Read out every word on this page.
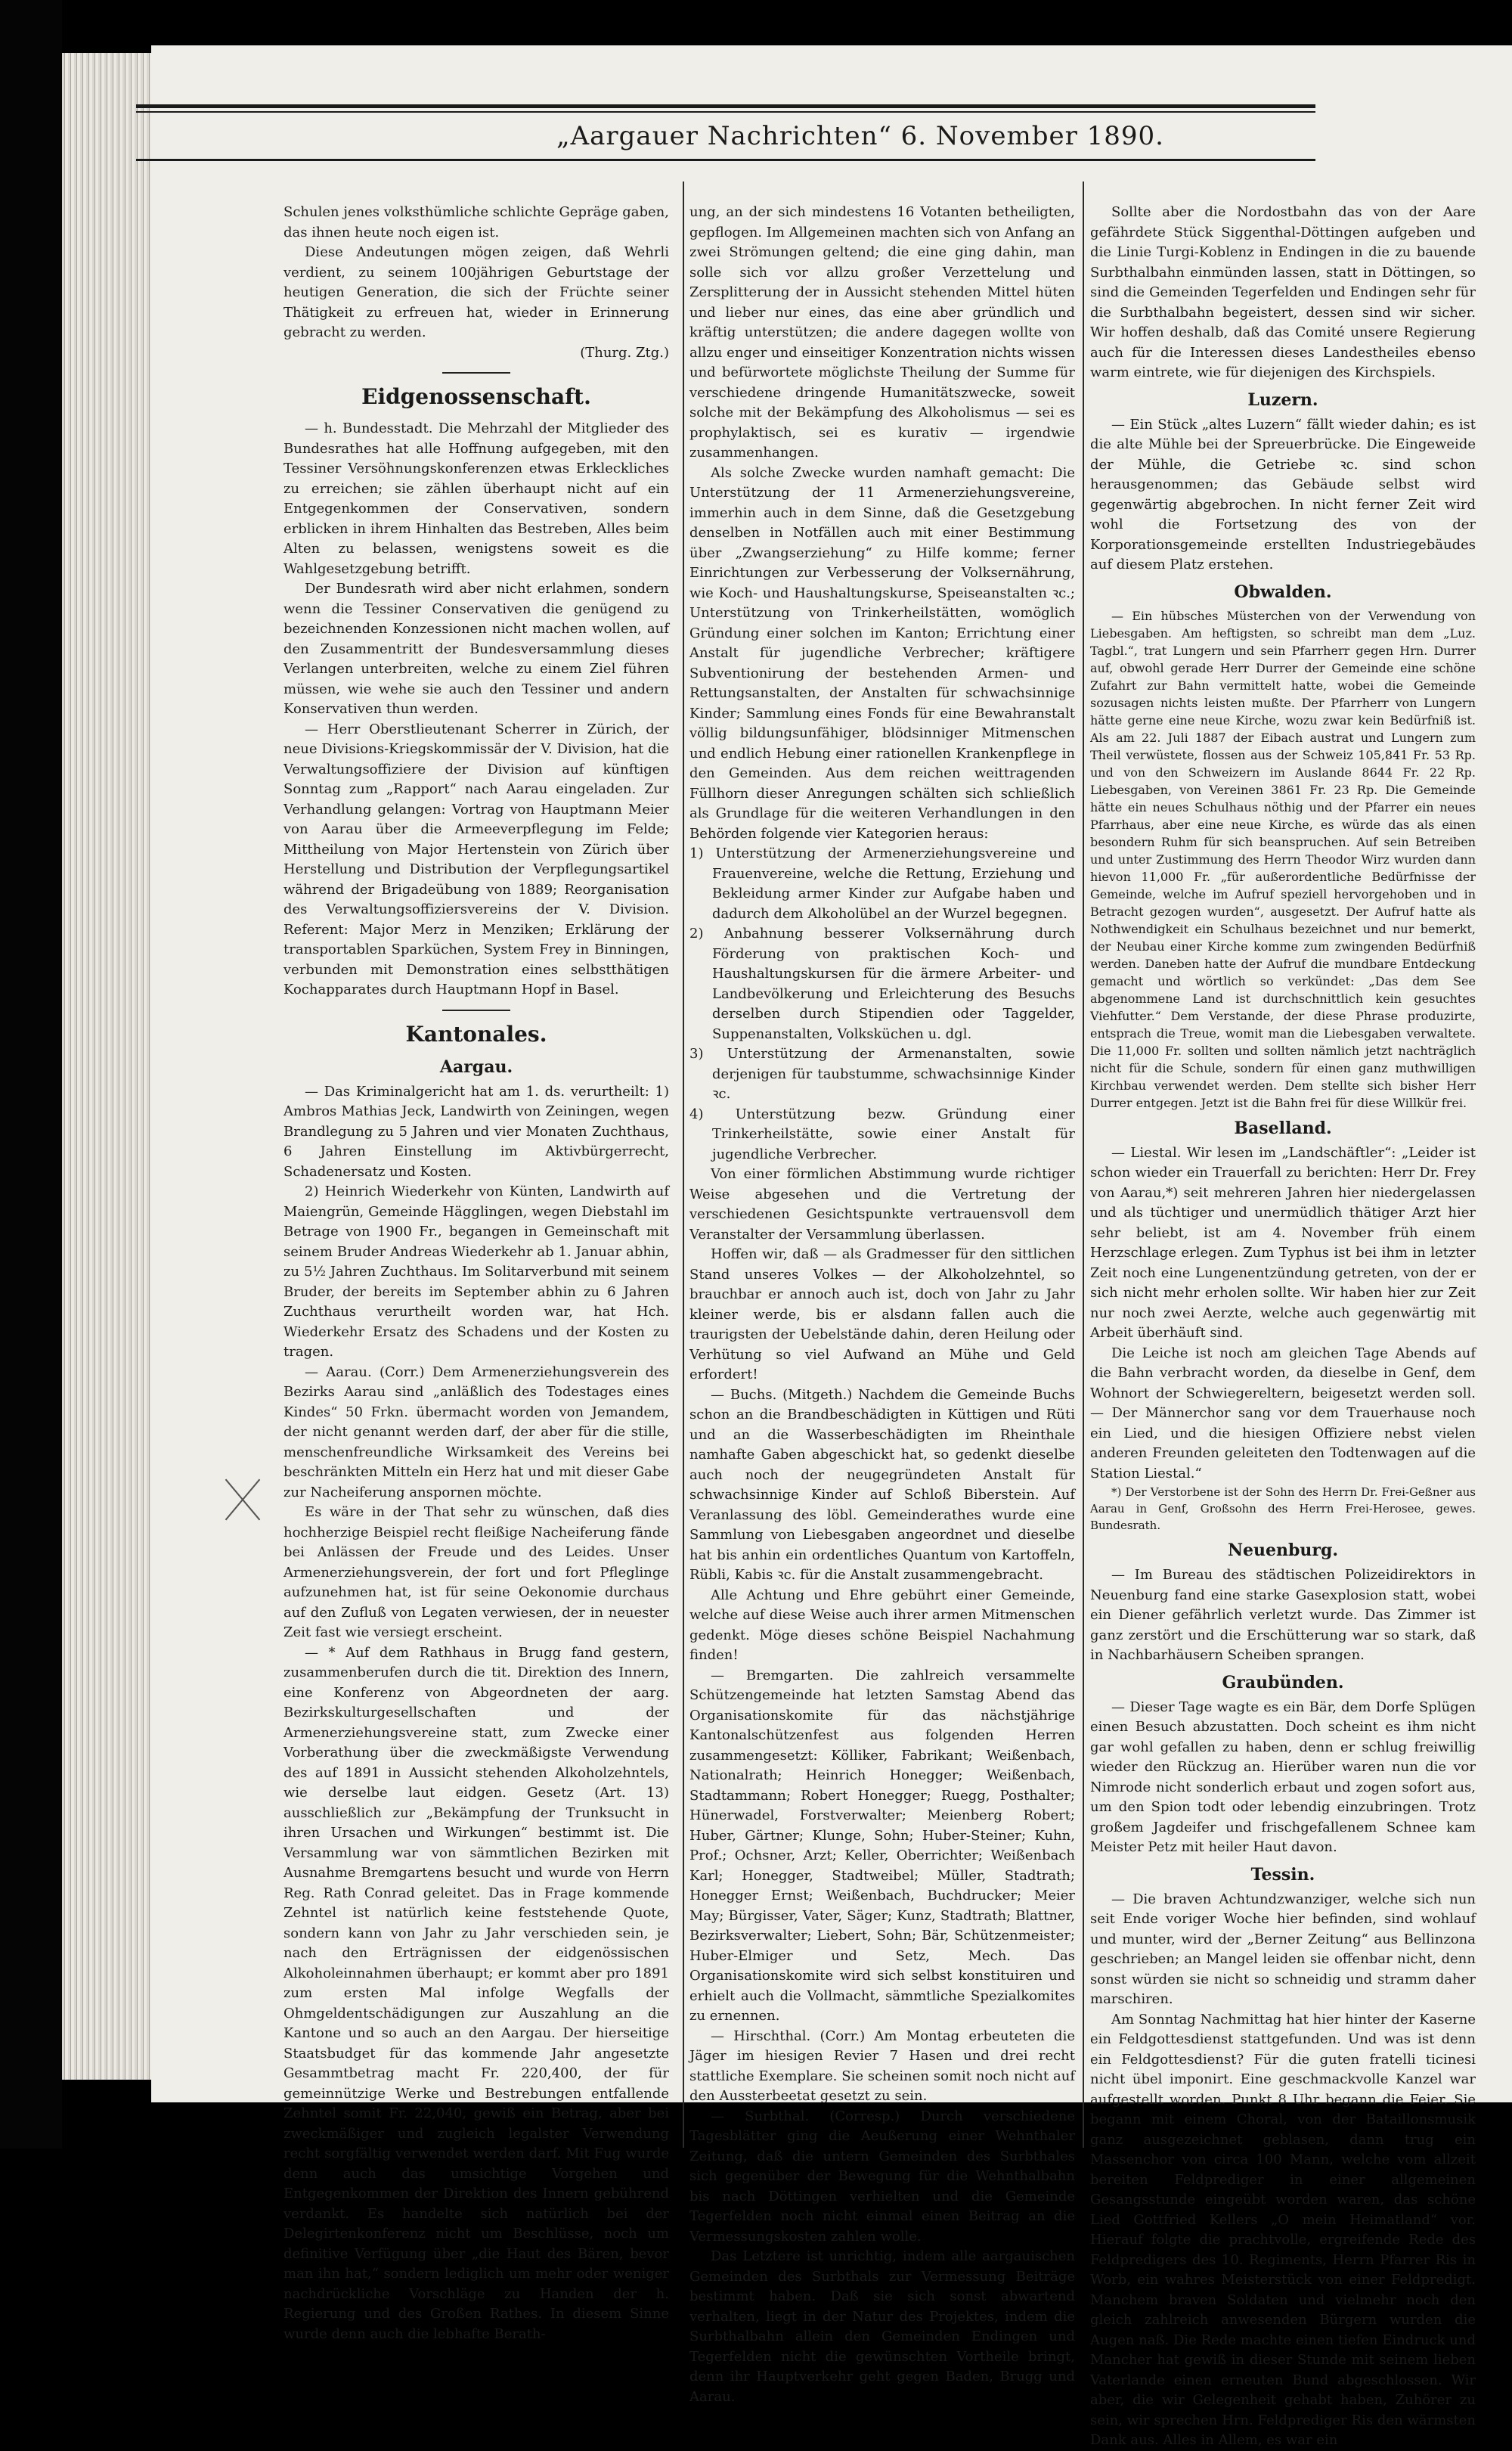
„Aargauer Nachrichten“ 6. November 1890.

Schulen jenes volksthümliche schlichte Gepräge gaben, das ihnen heute noch eigen ist.

Diese Andeutungen mögen zeigen, daß Wehrli verdient, zu seinem 100jährigen Geburtstage der heutigen Generation, die sich der Früchte seiner Thätigkeit zu erfreuen hat, wieder in Erinnerung gebracht zu werden.

(Thurg. Ztg.)

Eidgenossenschaft.

— h. Bundesstadt. Die Mehrzahl der Mitglieder des Bundesrathes hat alle Hoffnung aufgegeben, mit den Tessiner Versöhnungskonferenzen etwas Erkleckliches zu erreichen; sie zählen überhaupt nicht auf ein Entgegenkommen der Conservativen, sondern erblicken in ihrem Hinhalten das Bestreben, Alles beim Alten zu belassen, wenigstens soweit es die Wahlgesetzgebung betrifft.

Der Bundesrath wird aber nicht erlahmen, sondern wenn die Tessiner Conservativen die genügend zu bezeichnenden Konzessionen nicht machen wollen, auf den Zusammentritt der Bundesversammlung dieses Verlangen unterbreiten, welche zu einem Ziel führen müssen, wie wehe sie auch den Tessiner und andern Konservativen thun werden.

— Herr Oberstlieutenant Scherrer in Zürich, der neue Divisions-Kriegskommissär der V. Division, hat die Verwaltungsoffiziere der Division auf künftigen Sonntag zum „Rapport“ nach Aarau eingeladen. Zur Verhandlung gelangen: Vortrag von Hauptmann Meier von Aarau über die Armeeverpflegung im Felde; Mittheilung von Major Hertenstein von Zürich über Herstellung und Distribution der Verpflegungsartikel während der Brigadeübung von 1889; Reorganisation des Verwaltungsoffiziersvereins der V. Division. Referent: Major Merz in Menziken; Erklärung der transportablen Sparküchen, System Frey in Binningen, verbunden mit Demonstration eines selbstthätigen Kochapparates durch Hauptmann Hopf in Basel.

Kantonales.
Aargau.

— Das Kriminalgericht hat am 1. ds. verurtheilt: 1) Ambros Mathias Jeck, Landwirth von Zeiningen, wegen Brandlegung zu 5 Jahren und vier Monaten Zuchthaus, 6 Jahren Einstellung im Aktivbürgerrecht, Schadenersatz und Kosten.

2) Heinrich Wiederkehr von Künten, Landwirth auf Maiengrün, Gemeinde Hägglingen, wegen Diebstahl im Betrage von 1900 Fr., begangen in Gemeinschaft mit seinem Bruder Andreas Wiederkehr ab 1. Januar abhin, zu 5½ Jahren Zuchthaus. Im Solitarverbund mit seinem Bruder, der bereits im September abhin zu 6 Jahren Zuchthaus verurtheilt worden war, hat Hch. Wiederkehr Ersatz des Schadens und der Kosten zu tragen.

— Aarau. (Corr.) Dem Armenerziehungsverein des Bezirks Aarau sind „anläßlich des Todestages eines Kindes“ 50 Frkn. übermacht worden von Jemandem, der nicht genannt werden darf, der aber für die stille, menschenfreundliche Wirksamkeit des Vereins bei beschränkten Mitteln ein Herz hat und mit dieser Gabe zur Nacheiferung anspornen möchte.

Es wäre in der That sehr zu wünschen, daß dies hochherzige Beispiel recht fleißige Nacheiferung fände bei Anlässen der Freude und des Leides. Unser Armenerziehungsverein, der fort und fort Pfleglinge aufzunehmen hat, ist für seine Oekonomie durchaus auf den Zufluß von Legaten verwiesen, der in neuester Zeit fast wie versiegt erscheint.

— * Auf dem Rathhaus in Brugg fand gestern, zusammenberufen durch die tit. Direktion des Innern, eine Konferenz von Abgeordneten der aarg. Bezirkskulturgesellschaften und der Armenerziehungsvereine statt, zum Zwecke einer Vorberathung über die zweckmäßigste Verwendung des auf 1891 in Aussicht stehenden Alkoholzehntels, wie derselbe laut eidgen. Gesetz (Art. 13) ausschließlich zur „Bekämpfung der Trunksucht in ihren Ursachen und Wirkungen“ bestimmt ist. Die Versammlung war von sämmtlichen Bezirken mit Ausnahme Bremgartens besucht und wurde von Herrn Reg. Rath Conrad geleitet. Das in Frage kommende Zehntel ist natürlich keine feststehende Quote, sondern kann von Jahr zu Jahr verschieden sein, je nach den Erträgnissen der eidgenössischen Alkoholeinnahmen überhaupt; er kommt aber pro 1891 zum ersten Mal infolge Wegfalls der Ohmgeldentschädigungen zur Auszahlung an die Kantone und so auch an den Aargau. Der hierseitige Staatsbudget für das kommende Jahr angesetzte Gesammtbetrag macht Fr. 220,400, der für gemeinnützige Werke und Bestrebungen entfallende Zehntel somit Fr. 22,040, gewiß ein Betrag, aber bei zweckmäßiger und zugleich legalster Verwendung recht sorgfältig verwendet werden darf. Mit Fug wurde denn auch das umsichtige Vorgehen und Entgegenkommen der Direktion des Innern gebührend verdankt. Es handelte sich natürlich bei der Delegirtenkonferenz nicht um Beschlüsse, noch um definitive Verfügung über „die Haut des Bären, bevor man ihn hat,“ sondern lediglich um mehr oder weniger nachdrückliche Vorschläge zu Handen der h. Regierung und des Großen Rathes. In diesem Sinne wurde denn auch die lebhafte Berath-

ung, an der sich mindestens 16 Votanten betheiligten, gepflogen. Im Allgemeinen machten sich von Anfang an zwei Strömungen geltend; die eine ging dahin, man solle sich vor allzu großer Verzettelung und Zersplitterung der in Aussicht stehenden Mittel hüten und lieber nur eines, das eine aber gründlich und kräftig unterstützen; die andere dagegen wollte von allzu enger und einseitiger Konzentration nichts wissen und befürwortete möglichste Theilung der Summe für verschiedene dringende Humanitätszwecke, soweit solche mit der Bekämpfung des Alkoholismus — sei es prophylaktisch, sei es kurativ — irgendwie zusammenhangen.

Als solche Zwecke wurden namhaft gemacht: Die Unterstützung der 11 Armenerziehungsvereine, immerhin auch in dem Sinne, daß die Gesetzgebung denselben in Notfällen auch mit einer Bestimmung über „Zwangserziehung“ zu Hilfe komme; ferner Einrichtungen zur Verbesserung der Volksernährung, wie Koch- und Haushaltungskurse, Speiseanstalten ꝛc.; Unterstützung von Trinkerheilstätten, womöglich Gründung einer solchen im Kanton; Errichtung einer Anstalt für jugendliche Verbrecher; kräftigere Subventionirung der bestehenden Armen- und Rettungsanstalten, der Anstalten für schwachsinnige Kinder; Sammlung eines Fonds für eine Bewahranstalt völlig bildungsunfähiger, blödsinniger Mitmenschen und endlich Hebung einer rationellen Krankenpflege in den Gemeinden. Aus dem reichen weittragenden Füllhorn dieser Anregungen schälten sich schließlich als Grundlage für die weiteren Verhandlungen in den Behörden folgende vier Kategorien heraus:

1) Unterstützung der Armenerziehungsvereine und Frauenvereine, welche die Rettung, Erziehung und Bekleidung armer Kinder zur Aufgabe haben und dadurch dem Alkoholübel an der Wurzel begegnen.

2) Anbahnung besserer Volksernährung durch Förderung von praktischen Koch- und Haushaltungskursen für die ärmere Arbeiter- und Landbevölkerung und Erleichterung des Besuchs derselben durch Stipendien oder Taggelder, Suppenanstalten, Volksküchen u. dgl.

3) Unterstützung der Armenanstalten, sowie derjenigen für taubstumme, schwachsinnige Kinder ꝛc.

4) Unterstützung bezw. Gründung einer Trinkerheilstätte, sowie einer Anstalt für jugendliche Verbrecher.

Von einer förmlichen Abstimmung wurde richtiger Weise abgesehen und die Vertretung der verschiedenen Gesichtspunkte vertrauensvoll dem Veranstalter der Versammlung überlassen.

Hoffen wir, daß — als Gradmesser für den sittlichen Stand unseres Volkes — der Alkoholzehntel, so brauchbar er annoch auch ist, doch von Jahr zu Jahr kleiner werde, bis er alsdann fallen auch die traurigsten der Uebelstände dahin, deren Heilung oder Verhütung so viel Aufwand an Mühe und Geld erfordert!

— Buchs. (Mitgeth.) Nachdem die Gemeinde Buchs schon an die Brandbeschädigten in Küttigen und Rüti und an die Wasserbeschädigten im Rheinthale namhafte Gaben abgeschickt hat, so gedenkt dieselbe auch noch der neugegründeten Anstalt für schwachsinnige Kinder auf Schloß Biberstein. Auf Veranlassung des löbl. Gemeinderathes wurde eine Sammlung von Liebesgaben angeordnet und dieselbe hat bis anhin ein ordentliches Quantum von Kartoffeln, Rübli, Kabis ꝛc. für die Anstalt zusammengebracht.

Alle Achtung und Ehre gebührt einer Gemeinde, welche auf diese Weise auch ihrer armen Mitmenschen gedenkt. Möge dieses schöne Beispiel Nachahmung finden!

— Bremgarten. Die zahlreich versammelte Schützengemeinde hat letzten Samstag Abend das Organisationskomite für das nächstjährige Kantonalschützenfest aus folgenden Herren zusammengesetzt: Kölliker, Fabrikant; Weißenbach, Nationalrath; Heinrich Honegger; Weißenbach, Stadtammann; Robert Honegger; Ruegg, Posthalter; Hünerwadel, Forstverwalter; Meienberg Robert; Huber, Gärtner; Klunge, Sohn; Huber-Steiner; Kuhn, Prof.; Ochsner, Arzt; Keller, Oberrichter; Weißenbach Karl; Honegger, Stadtweibel; Müller, Stadtrath; Honegger Ernst; Weißenbach, Buchdrucker; Meier May; Bürgisser, Vater, Säger; Kunz, Stadtrath; Blattner, Bezirksverwalter; Liebert, Sohn; Bär, Schützenmeister; Huber-Elmiger und Setz, Mech. Das Organisationskomite wird sich selbst konstituiren und erhielt auch die Vollmacht, sämmtliche Spezialkomites zu ernennen.

— Hirschthal. (Corr.) Am Montag erbeuteten die Jäger im hiesigen Revier 7 Hasen und drei recht stattliche Exemplare. Sie scheinen somit noch nicht auf den Aussterbeetat gesetzt zu sein.

— Surbthal. (Corresp.) Durch verschiedene Tagesblätter ging die Aeußerung einer Wehnthaler Zeitung, daß die untern Gemeinden des Surbthales sich gegenüber der Bewegung für die Wehnthalbahn bis nach Döttingen verhielten und die Gemeinde Tegerfelden noch nicht einmal einen Beitrag an die Vermessungskosten zahlen wolle.

Das Letztere ist unrichtig, indem alle aargauischen Gemeinden des Surbthals zur Vermessung Beiträge bestimmt haben. Daß sie sich sonst abwartend verhalten, liegt in der Natur des Projektes, indem die Surbthalbahn allein den Gemeinden Endingen und Tegerfelden nicht die gewünschten Vortheile bringt, denn ihr Hauptverkehr geht gegen Baden, Brugg und Aarau.

Sollte aber die Nordostbahn das von der Aare gefährdete Stück Siggenthal-Döttingen aufgeben und die Linie Turgi-Koblenz in Endingen in die zu bauende Surbthalbahn einmünden lassen, statt in Döttingen, so sind die Gemeinden Tegerfelden und Endingen sehr für die Surbthalbahn begeistert, dessen sind wir sicher. Wir hoffen deshalb, daß das Comité unsere Regierung auch für die Interessen dieses Landestheiles ebenso warm eintrete, wie für diejenigen des Kirchspiels.

Luzern.

— Ein Stück „altes Luzern“ fällt wieder dahin; es ist die alte Mühle bei der Spreuerbrücke. Die Eingeweide der Mühle, die Getriebe ꝛc. sind schon herausgenommen; das Gebäude selbst wird gegenwärtig abgebrochen. In nicht ferner Zeit wird wohl die Fortsetzung des von der Korporationsgemeinde erstellten Industriegebäudes auf diesem Platz erstehen.

Obwalden.

— Ein hübsches Müsterchen von der Verwendung von Liebesgaben. Am heftigsten, so schreibt man dem „Luz. Tagbl.“, trat Lungern und sein Pfarrherr gegen Hrn. Durrer auf, obwohl gerade Herr Durrer der Gemeinde eine schöne Zufahrt zur Bahn vermittelt hatte, wobei die Gemeinde sozusagen nichts leisten mußte. Der Pfarrherr von Lungern hätte gerne eine neue Kirche, wozu zwar kein Bedürfniß ist. Als am 22. Juli 1887 der Eibach austrat und Lungern zum Theil verwüstete, flossen aus der Schweiz 105,841 Fr. 53 Rp. und von den Schweizern im Auslande 8644 Fr. 22 Rp. Liebesgaben, von Vereinen 3861 Fr. 23 Rp. Die Gemeinde hätte ein neues Schulhaus nöthig und der Pfarrer ein neues Pfarrhaus, aber eine neue Kirche, es würde das als einen besondern Ruhm für sich beanspruchen. Auf sein Betreiben und unter Zustimmung des Herrn Theodor Wirz wurden dann hievon 11,000 Fr. „für außerordentliche Bedürfnisse der Gemeinde, welche im Aufruf speziell hervorgehoben und in Betracht gezogen wurden“, ausgesetzt. Der Aufruf hatte als Nothwendigkeit ein Schulhaus bezeichnet und nur bemerkt, der Neubau einer Kirche komme zum zwingenden Bedürfniß werden. Daneben hatte der Aufruf die mundbare Entdeckung gemacht und wörtlich so verkündet: „Das dem See abgenommene Land ist durchschnittlich kein gesuchtes Viehfutter.“ Dem Verstande, der diese Phrase produzirte, entsprach die Treue, womit man die Liebesgaben verwaltete. Die 11,000 Fr. sollten und sollten nämlich jetzt nachträglich nicht für die Schule, sondern für einen ganz muthwilligen Kirchbau verwendet werden. Dem stellte sich bisher Herr Durrer entgegen. Jetzt ist die Bahn frei für diese Willkür frei.

Baselland.

— Liestal. Wir lesen im „Landschäftler“: „Leider ist schon wieder ein Trauerfall zu berichten: Herr Dr. Frey von Aarau,*) seit mehreren Jahren hier niedergelassen und als tüchtiger und unermüdlich thätiger Arzt hier sehr beliebt, ist am 4. November früh einem Herzschlage erlegen. Zum Typhus ist bei ihm in letzter Zeit noch eine Lungenentzündung getreten, von der er sich nicht mehr erholen sollte. Wir haben hier zur Zeit nur noch zwei Aerzte, welche auch gegenwärtig mit Arbeit überhäuft sind.

Die Leiche ist noch am gleichen Tage Abends auf die Bahn verbracht worden, da dieselbe in Genf, dem Wohnort der Schwiegereltern, beigesetzt werden soll. — Der Männerchor sang vor dem Trauerhause noch ein Lied, und die hiesigen Offiziere nebst vielen anderen Freunden geleiteten den Todtenwagen auf die Station Liestal.“

*) Der Verstorbene ist der Sohn des Herrn Dr. Frei-Geßner aus Aarau in Genf, Großsohn des Herrn Frei-Herosee, gewes. Bundesrath.

Neuenburg.

— Im Bureau des städtischen Polizeidirektors in Neuenburg fand eine starke Gasexplosion statt, wobei ein Diener gefährlich verletzt wurde. Das Zimmer ist ganz zerstört und die Erschütterung war so stark, daß in Nachbarhäusern Scheiben sprangen.

Graubünden.

— Dieser Tage wagte es ein Bär, dem Dorfe Splügen einen Besuch abzustatten. Doch scheint es ihm nicht gar wohl gefallen zu haben, denn er schlug freiwillig wieder den Rückzug an. Hierüber waren nun die vor Nimrode nicht sonderlich erbaut und zogen sofort aus, um den Spion todt oder lebendig einzubringen. Trotz großem Jagdeifer und frischgefallenem Schnee kam Meister Petz mit heiler Haut davon.

Tessin.

— Die braven Achtundzwanziger, welche sich nun seit Ende voriger Woche hier befinden, sind wohlauf und munter, wird der „Berner Zeitung“ aus Bellinzona geschrieben; an Mangel leiden sie offenbar nicht, denn sonst würden sie nicht so schneidig und stramm daher marschiren.

Am Sonntag Nachmittag hat hier hinter der Kaserne ein Feldgottesdienst stattgefunden. Und was ist denn ein Feldgottesdienst? Für die guten fratelli ticinesi nicht übel imponirt. Eine geschmackvolle Kanzel war aufgestellt worden. Punkt 8 Uhr begann die Feier. Sie begann mit einem Choral, von der Bataillonsmusik ganz ausgezeichnet geblasen, dann trug ein Massenchor von circa 100 Mann, welche vom allzeit bereiten Feldprediger in einer allgemeinen Gesangsstunde eingeübt worden waren, das schöne Lied Gottfried Kellers „O mein Heimatland“ vor. Hierauf folgte die prachtvolle, ergreifende Rede des Feldpredigers des 10. Regiments, Herrn Pfarrer Ris in Worb, ein wahres Meisterstück von einer Feldpredigt. Manchem braven Soldaten und vielmehr noch den gleich zahlreich anwesenden Bürgern wurden die Augen naß. Die Rede machte einen tiefen Eindruck und Mancher hat gewiß in dieser Stunde mit seinem lieben Vaterlande einen erneuten Bund abgeschlossen. Wir aber, die wir Gelegenheit gehabt haben, Zuhörer zu sein, wir sprechen Hrn. Feldprediger Ris den wärmsten Dank aus. Alles in Allem, es war ein
